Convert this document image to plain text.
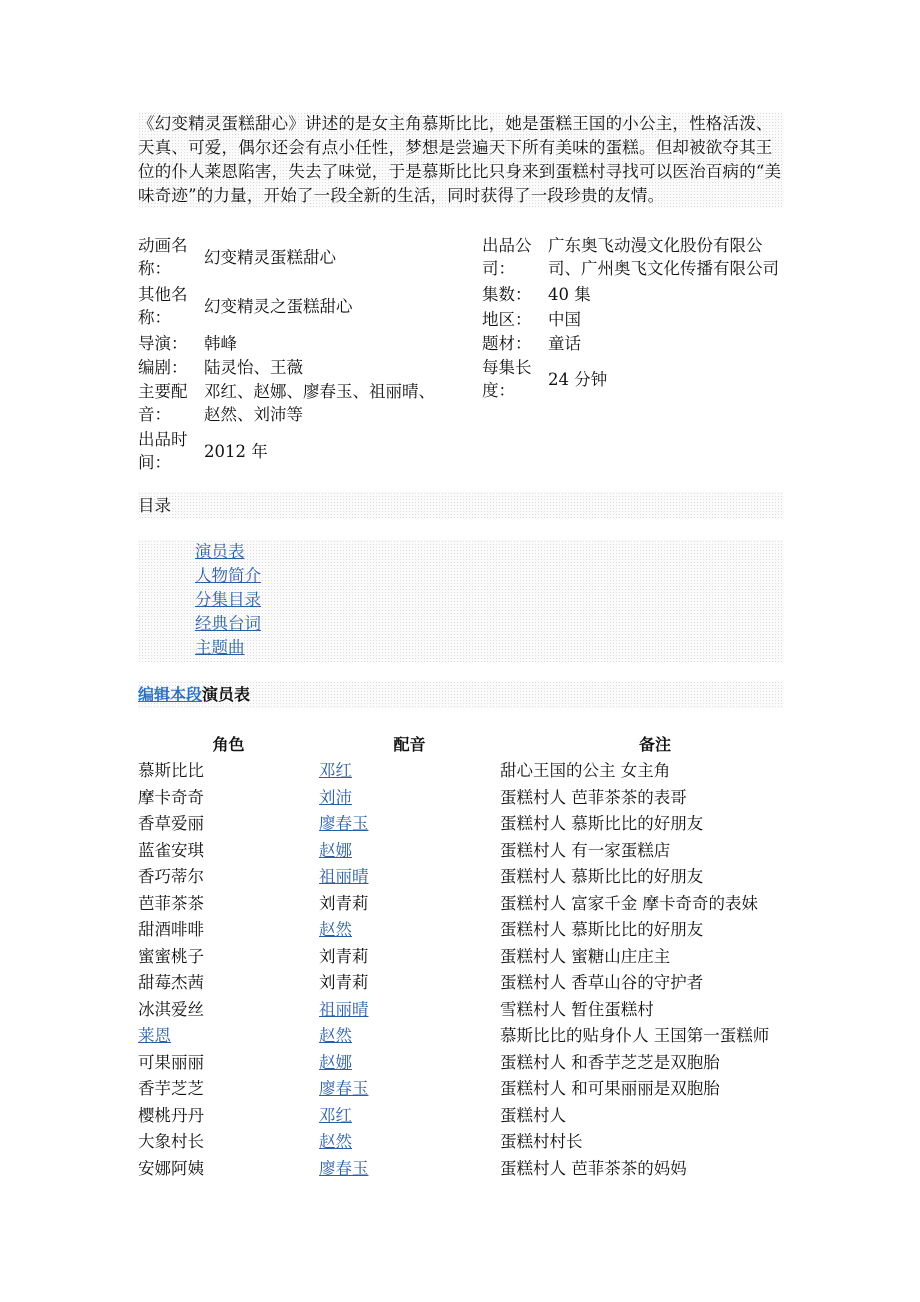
《幻变精灵蛋糕甜心》讲述的是女主角慕斯比比，她是蛋糕王国的小公主，性格活泼、天真、可爱，偶尔还会有点小任性，梦想是尝遍天下所有美味的蛋糕。但却被欲夺其王位的仆人莱恩陷害，失去了味觉，于是慕斯比比只身来到蛋糕村寻找可以医治百病的“美味奇迹”的力量，开始了一段全新的生活，同时获得了一段珍贵的友情。
动画名称：	幻变精灵蛋糕甜心		出品公司：	广东奥飞动漫文化股份有限公司、广州奥飞文化传播有限公司
其他名称：	幻变精灵之蛋糕甜心		集数：	40 集
			地区：	中国
导演：	韩峰		题材：	童话
编剧：	陆灵怡、王薇		每集长度：	24 分钟
主要配音：	邓红、赵娜、廖春玉、祖丽晴、赵然、刘沛等			

出品时间：	2012 年			
目录
演员表
人物简介
分集目录
经典台词
主题曲
编辑本段演员表
角色	配音	备注
慕斯比比	邓红	甜心王国的公主 女主角
摩卡奇奇	刘沛	蛋糕村人 芭菲茶茶的表哥
香草爱丽	廖春玉	蛋糕村人 慕斯比比的好朋友
蓝雀安琪	赵娜	蛋糕村人 有一家蛋糕店
香巧蒂尔	祖丽晴	蛋糕村人 慕斯比比的好朋友
芭菲茶茶	刘青莉	蛋糕村人 富家千金 摩卡奇奇的表妹
甜酒啡啡	赵然	蛋糕村人 慕斯比比的好朋友
蜜蜜桃子	刘青莉	蛋糕村人 蜜糖山庄庄主
甜莓杰茜	刘青莉	蛋糕村人 香草山谷的守护者
冰淇爱丝	祖丽晴	雪糕村人 暂住蛋糕村
莱恩	赵然	慕斯比比的贴身仆人 王国第一蛋糕师
可果丽丽	赵娜	蛋糕村人 和香芋芝芝是双胞胎
香芋芝芝	廖春玉	蛋糕村人 和可果丽丽是双胞胎
樱桃丹丹	邓红	蛋糕村人
大象村长	赵然	蛋糕村村长
安娜阿姨	廖春玉	蛋糕村人 芭菲茶茶的妈妈
